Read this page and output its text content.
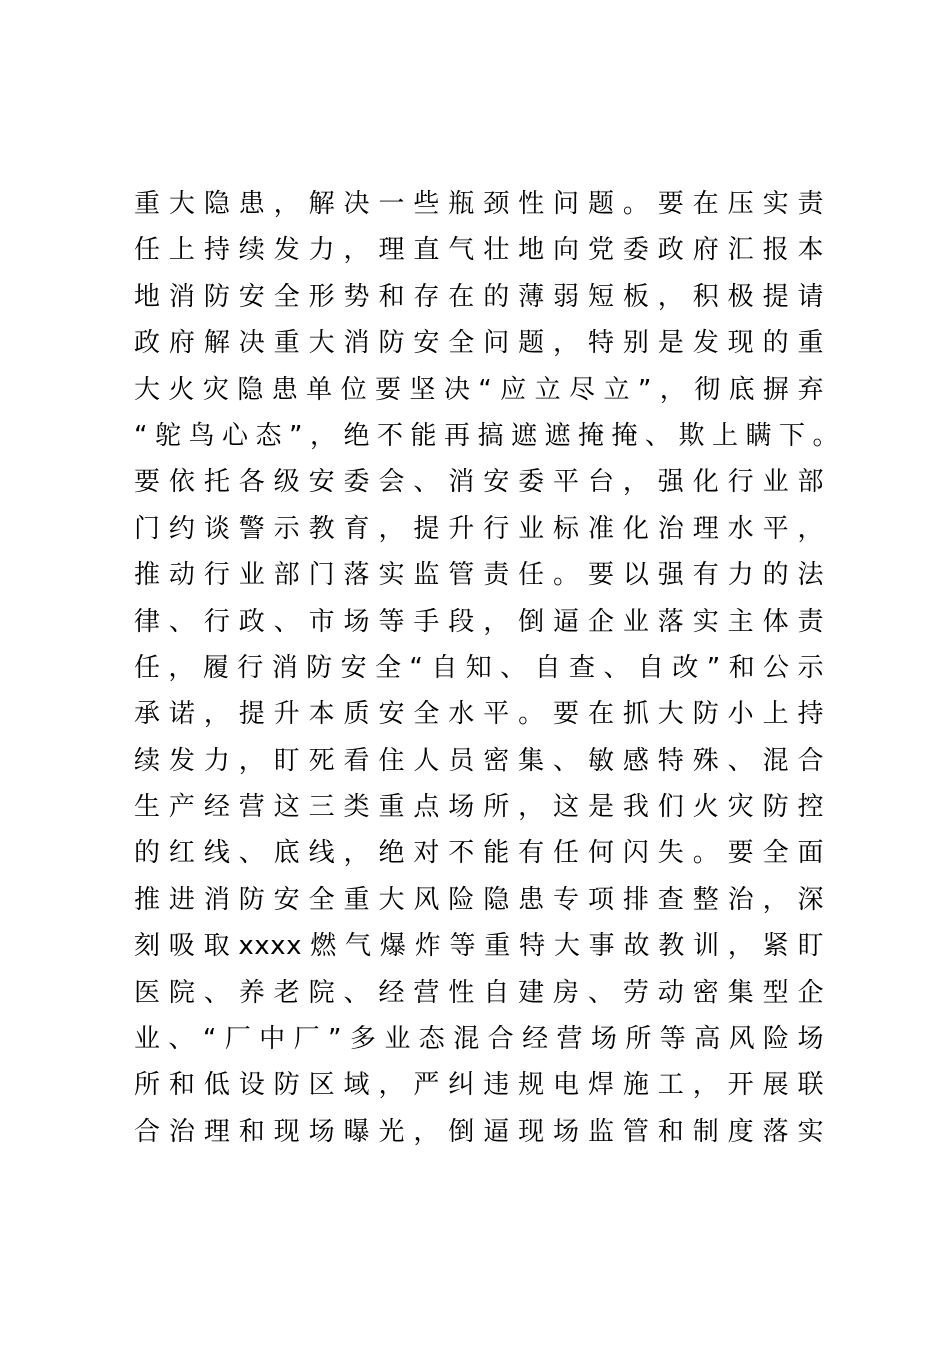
重大隐患，解决一些瓶颈性问题。要在压实责
任上持续发力，理直气壮地向党委政府汇报本
地消防安全形势和存在的薄弱短板，积极提请
政府解决重大消防安全问题，特别是发现的重
大火灾隐患单位要坚决“应立尽立”，彻底摒弃
“鸵鸟心态”，绝不能再搞遮遮掩掩、欺上瞒下。
要依托各级安委会、消安委平台，强化行业部
门约谈警示教育，提升行业标准化治理水平，
推动行业部门落实监管责任。要以强有力的法
律、行政、市场等手段，倒逼企业落实主体责
任，履行消防安全“自知、自查、自改”和公示
承诺，提升本质安全水平。要在抓大防小上持
续发力，盯死看住人员密集、敏感特殊、混合
生产经营这三类重点场所，这是我们火灾防控
的红线、底线，绝对不能有任何闪失。要全面
推进消防安全重大风险隐患专项排查整治，深
刻吸取xxxx燃气爆炸等重特大事故教训，紧盯
医院、养老院、经营性自建房、劳动密集型企
业、“厂中厂”多业态混合经营场所等高风险场
所和低设防区域，严纠违规电焊施工，开展联
合治理和现场曝光，倒逼现场监管和制度落实
